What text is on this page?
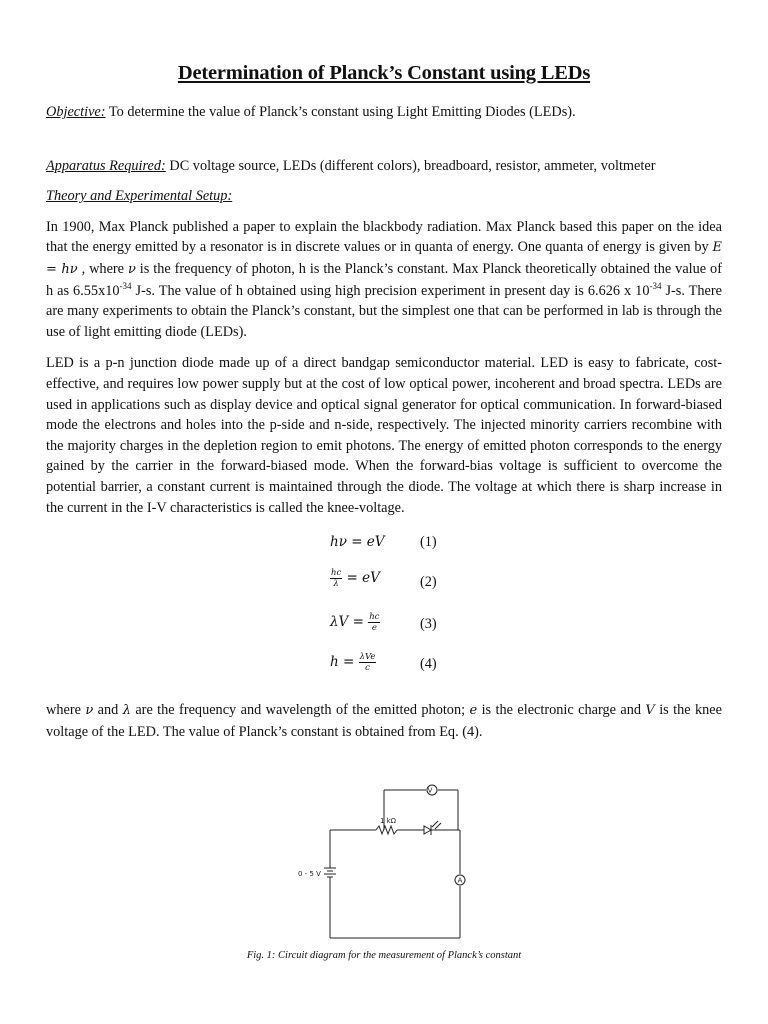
Determination of Planck’s Constant using LEDs

Objective: To determine the value of Planck’s constant using Light Emitting Diodes (LEDs).

Apparatus Required: DC voltage source, LEDs (different colors), breadboard, resistor, ammeter, voltmeter

Theory and Experimental Setup:

In 1900, Max Planck published a paper to explain the blackbody radiation. Max Planck based this paper on the idea that the energy emitted by a resonator is in discrete values or in quanta of energy. One quanta of energy is given by E = hν , where ν is the frequency of photon, h is the Planck’s constant. Max Planck theoretically obtained the value of h as $6.55x10^{-34}$ J-s. The value of h obtained using high precision experiment in present day is 6.626 x $10^{-34}$ J-s. There are many experiments to obtain the Planck’s constant, but the simplest one that can be performed in lab is through the use of light emitting diode (LEDs).

LED is a p-n junction diode made up of a direct bandgap semiconductor material. LED is easy to fabricate, cost-effective, and requires low power supply but at the cost of low optical power, incoherent and broad spectra. LEDs are used in applications such as display device and optical signal generator for optical communication. In forward-biased mode the electrons and holes into the p-side and n-side, respectively. The injected minority carriers recombine with the majority charges in the depletion region to emit photons. The energy of emitted photon corresponds to the energy gained by the carrier in the forward-biased mode. When the forward-bias voltage is sufficient to overcome the potential barrier, a constant current is maintained through the diode. The voltage at which there is sharp increase in the current in the I-V characteristics is called the knee-voltage.

hν = eV (1)
$\frac{hc}{\lambda}$ = eV	(2)
$\lambda V = \frac{hc}{e}$	(3)
$h = \frac{\text{λVe}}{c}$	(4)

where ν and λ are the frequency and wavelength of the emitted photon; e is the electronic charge and V is the knee voltage of the LED. The value of Planck’s constant is obtained from Eq. (4).

V
A
1 kΩ
0 - 5 V
Fig. 1: Circuit diagram for the measurement of Planck’s constant
